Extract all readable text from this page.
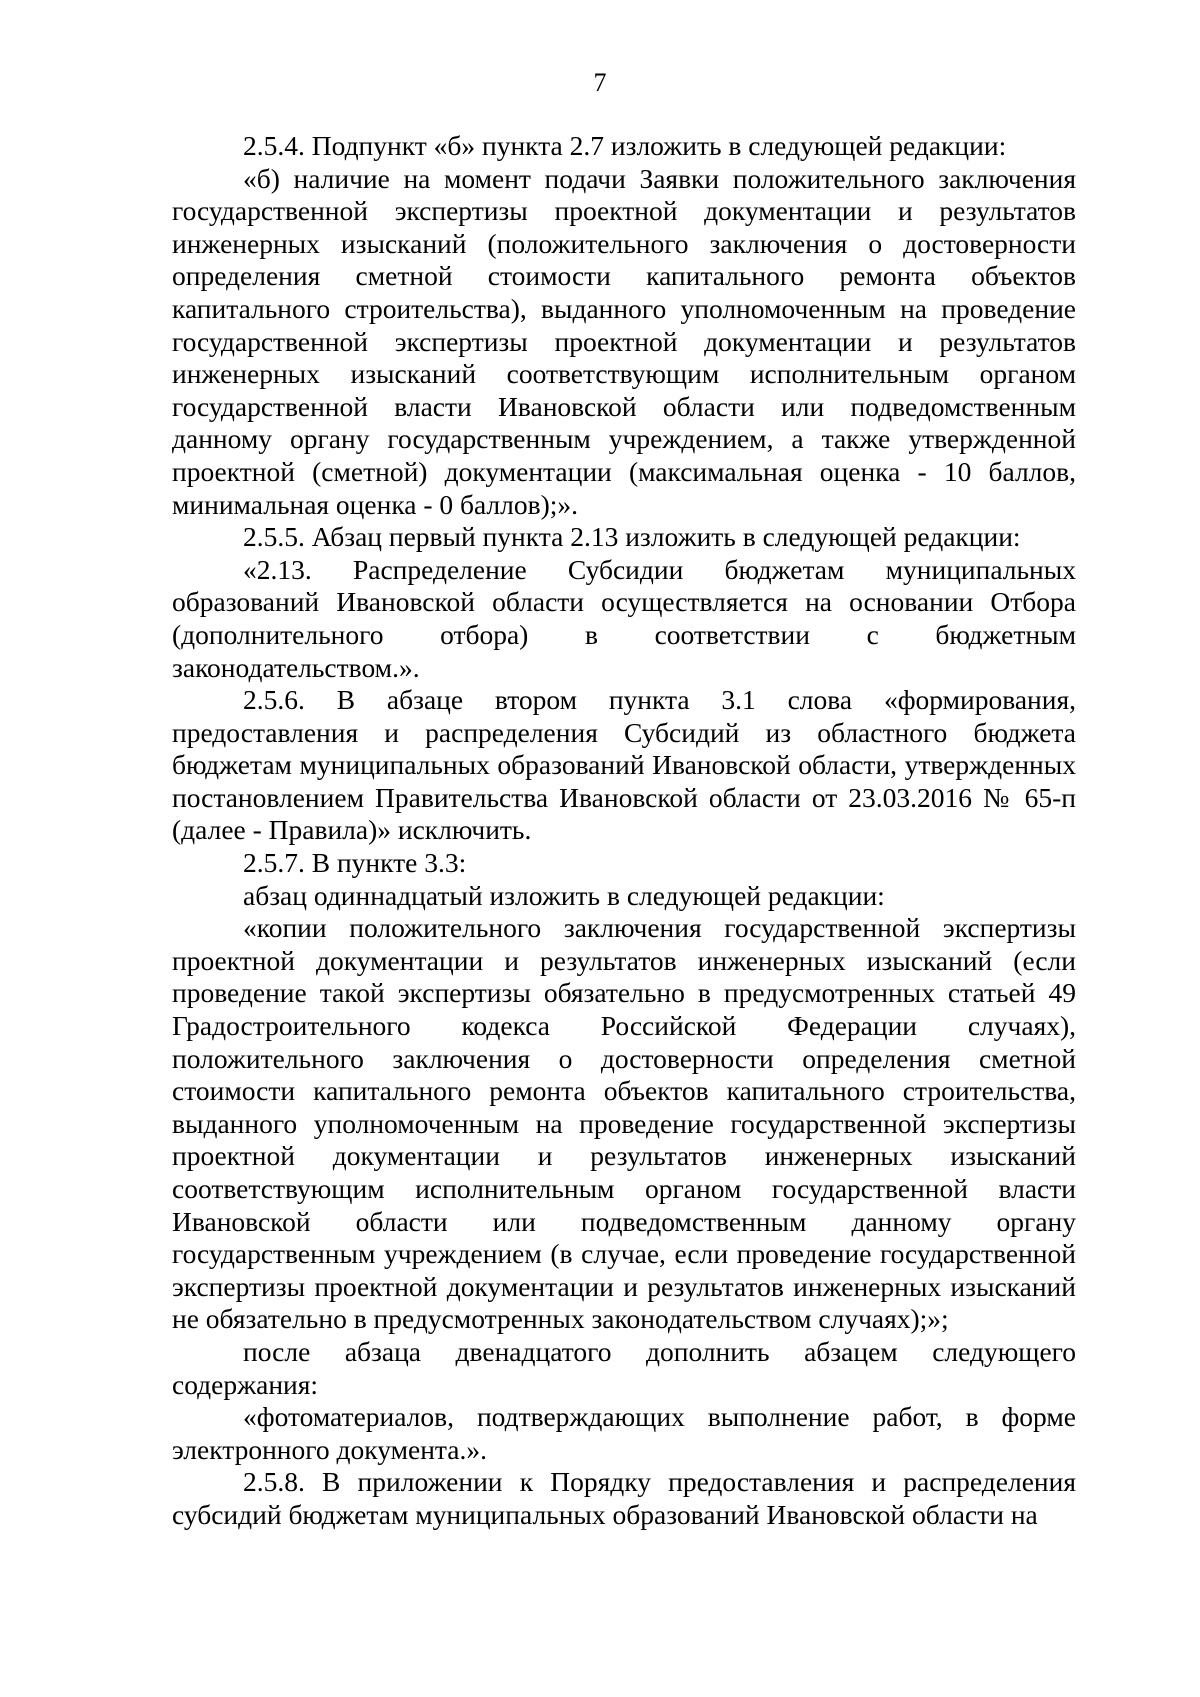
7

2.5.4. Подпункт «б» пункта 2.7 изложить в следующей редакции:

«б) наличие на момент подачи Заявки положительного заключения государственной экспертизы проектной документации и результатов инженерных изысканий (положительного заключения о достоверности определения сметной стоимости капитального ремонта объектов капитального строительства), выданного уполномоченным на проведение государственной экспертизы проектной документации и результатов инженерных изысканий соответствующим исполнительным органом государственной власти Ивановской области или подведомственным данному органу государственным учреждением, а также утвержденной проектной (сметной) документации (максимальная оценка - 10 баллов, минимальная оценка - 0 баллов);».

2.5.5. Абзац первый пункта 2.13 изложить в следующей редакции:

«2.13. Распределение Субсидии бюджетам муниципальных образований Ивановской области осуществляется на основании Отбора (дополнительного отбора) в соответствии с бюджетным законодательством.».

2.5.6. В абзаце втором пункта 3.1 слова «формирования, предоставления и распределения Субсидий из областного бюджета бюджетам муниципальных образований Ивановской области, утвержденных постановлением Правительства Ивановской области от 23.03.2016 № 65-п (далее - Правила)» исключить.

2.5.7. В пункте 3.3:

абзац одиннадцатый изложить в следующей редакции:

«копии положительного заключения государственной экспертизы проектной документации и результатов инженерных изысканий (если проведение такой экспертизы обязательно в предусмотренных статьей 49 Градостроительного кодекса Российской Федерации случаях), положительного заключения о достоверности определения сметной стоимости капитального ремонта объектов капитального строительства, выданного уполномоченным на проведение государственной экспертизы проектной документации и результатов инженерных изысканий соответствующим исполнительным органом государственной власти Ивановской области или подведомственным данному органу государственным учреждением (в случае, если проведение государственной экспертизы проектной документации и результатов инженерных изысканий не обязательно в предусмотренных законодательством случаях);»;

после абзаца двенадцатого дополнить абзацем следующего содержания:

«фотоматериалов, подтверждающих выполнение работ, в форме электронного документа.».

2.5.8. В приложении к Порядку предоставления и распределения субсидий бюджетам муниципальных образований Ивановской области на
